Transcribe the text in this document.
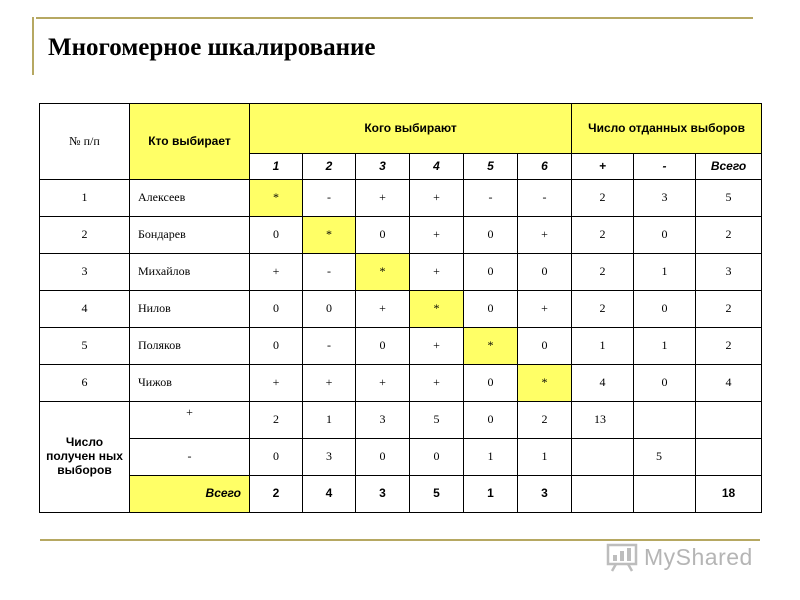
Многомерное шкалирование
№ п/п	Кто выбирает	Кого выбирают						Число отданных выборов		
		1	2	3	4	5	6	+	-	Всего
1	Алексеев	*	-	+	+	-	-	2	3	5
2	Бондарев	0	*	0	+	0	+	2	0	2
3	Михайлов	+	-	*	+	0	0	2	1	3
4	Нилов	0	0	+	*	0	+	2	0	2
5	Поляков	0	-	0	+	*	0	1	1	2
6	Чижов	+	+	+	+	0	*	4	0	4
Число получен ных выборов	+	2	1	3	5	0	2	13		
	-	0	3	0	0	1	1		5	
	Всего	2	4	3	5	1	3			18
MyShared
